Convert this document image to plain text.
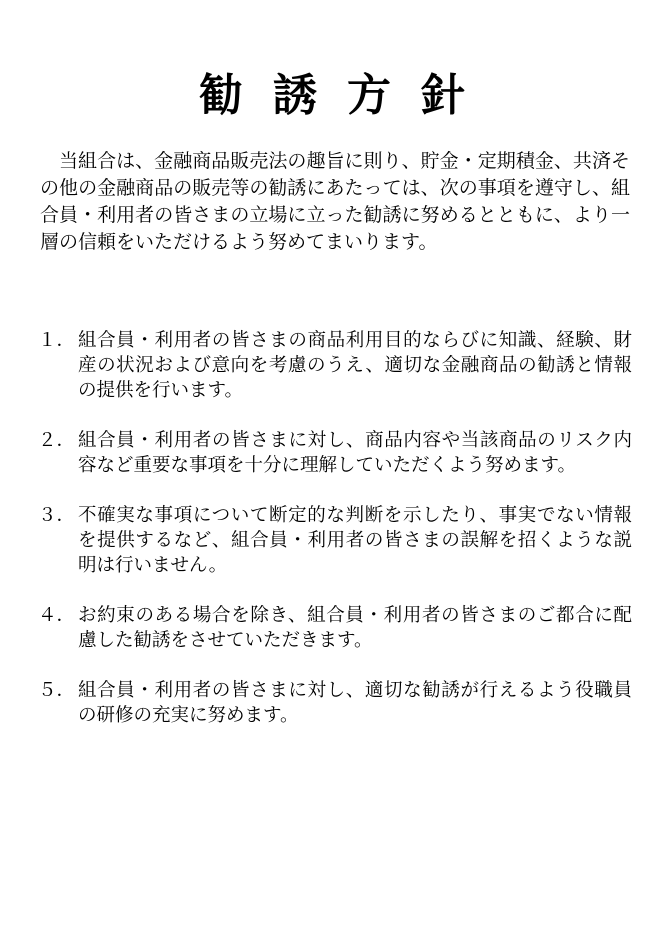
勧誘方針

当組合は、金融商品販売法の趣旨に則り、貯金・定期積金、共済その他の金融商品の販売等の勧誘にあたっては、次の事項を遵守し、組合員・利用者の皆さまの立場に立った勧誘に努めるとともに、より一層の信頼をいただけるよう努めてまいります。

１． 組合員・利用者の皆さまの商品利用目的ならびに知識、経験、財産の状況および意向を考慮のうえ、適切な金融商品の勧誘と情報の提供を行います。
２． 組合員・利用者の皆さまに対し、商品内容や当該商品のリスク内容など重要な事項を十分に理解していただくよう努めます。
３． 不確実な事項について断定的な判断を示したり、事実でない情報を提供するなど、組合員・利用者の皆さまの誤解を招くような説明は行いません。
４． お約束のある場合を除き、組合員・利用者の皆さまのご都合に配慮した勧誘をさせていただきます。
５． 組合員・利用者の皆さまに対し、適切な勧誘が行えるよう役職員の研修の充実に努めます。
